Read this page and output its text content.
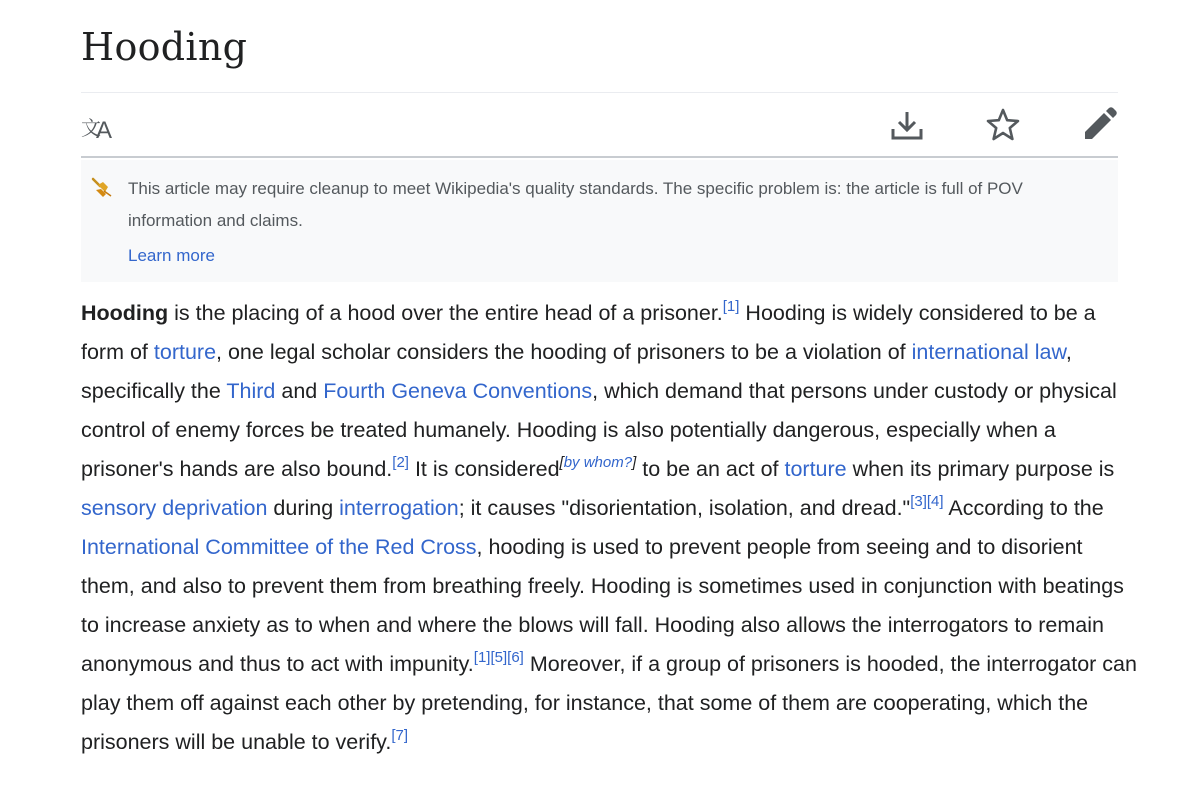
Hooding
文
A
This article may require cleanup to meet Wikipedia's quality standards. The specific problem is: the article is full of POV information and claims.
Learn more

Hooding is the placing of a hood over the entire head of a prisoner.[1] Hooding is widely considered to be a form of torture, one legal scholar considers the hooding of prisoners to be a violation of international law, specifically the Third and Fourth Geneva Conventions, which demand that persons under custody or physical control of enemy forces be treated humanely. Hooding is also potentially dangerous, especially when a prisoner's hands are also bound.[2] It is considered[by whom?] to be an act of torture when its primary purpose is sensory deprivation during interrogation; it causes "disorientation, isolation, and dread."[3][4] According to the International Committee of the Red Cross, hooding is used to prevent people from seeing and to disorient them, and also to prevent them from breathing freely. Hooding is sometimes used in conjunction with beatings to increase anxiety as to when and where the blows will fall. Hooding also allows the interrogators to remain anonymous and thus to act with impunity.[1][5][6] Moreover, if a group of prisoners is hooded, the interrogator can play them off against each other by pretending, for instance, that some of them are cooperating, which the prisoners will be unable to verify.[7]
